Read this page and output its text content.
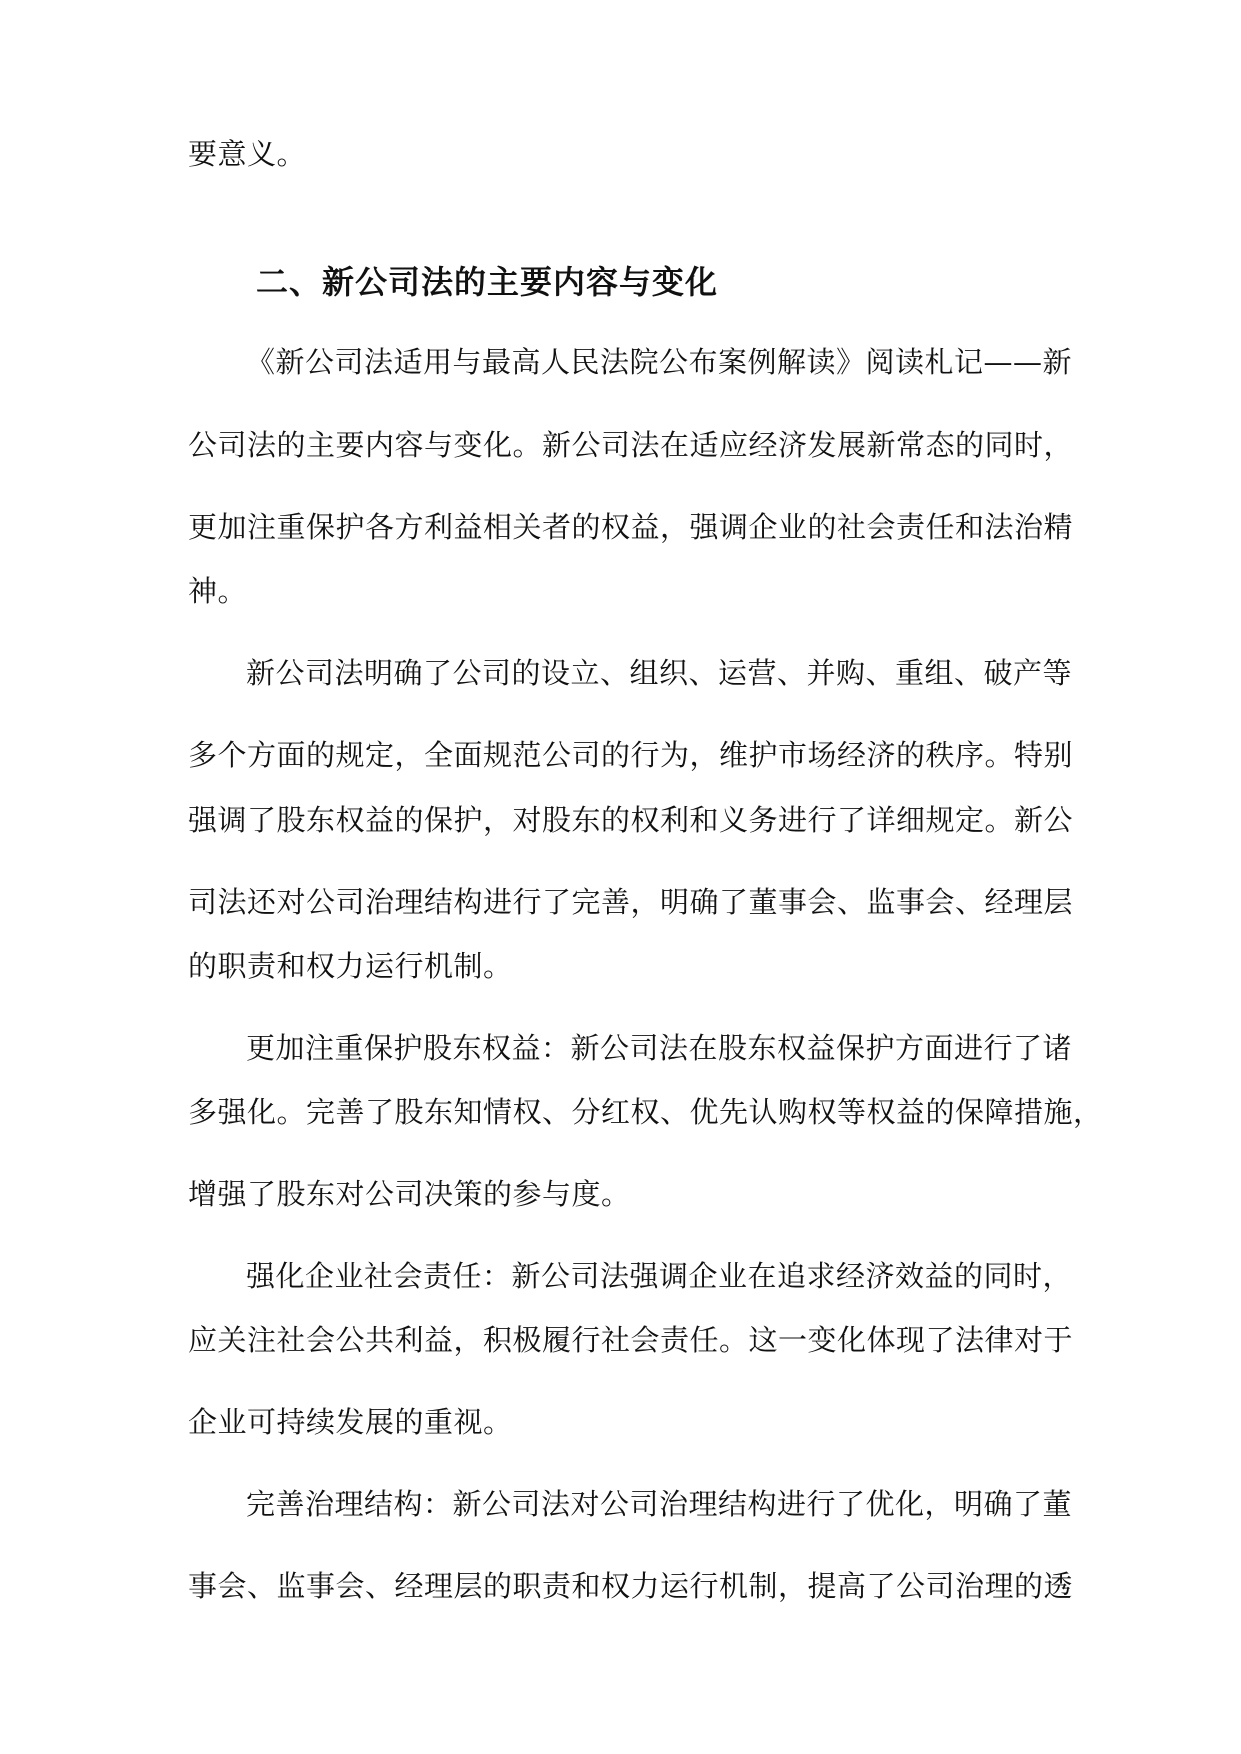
要意义。
二、新公司法的主要内容与变化
《新公司法适用与最高人民法院公布案例解读》阅读札记——新
公司法的主要内容与变化。新公司法在适应经济发展新常态的同时，
更加注重保护各方利益相关者的权益，强调企业的社会责任和法治精
神。
新公司法明确了公司的设立、组织、运营、并购、重组、破产等
多个方面的规定，全面规范公司的行为，维护市场经济的秩序。特别
强调了股东权益的保护，对股东的权利和义务进行了详细规定。新公
司法还对公司治理结构进行了完善，明确了董事会、监事会、经理层
的职责和权力运行机制。
更加注重保护股东权益：新公司法在股东权益保护方面进行了诸
多强化。完善了股东知情权、分红权、优先认购权等权益的保障措施，
增强了股东对公司决策的参与度。
强化企业社会责任：新公司法强调企业在追求经济效益的同时，
应关注社会公共利益，积极履行社会责任。这一变化体现了法律对于
企业可持续发展的重视。
完善治理结构：新公司法对公司治理结构进行了优化，明确了董
事会、监事会、经理层的职责和权力运行机制，提高了公司治理的透
